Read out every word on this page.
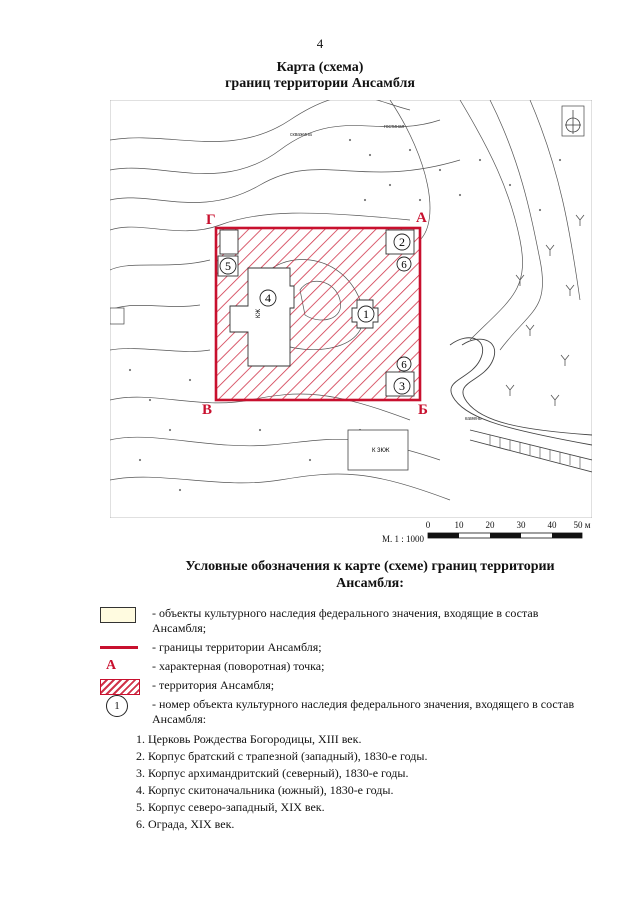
4
Карта (схема)
границ территории Ансамбля
К 3КЖ
КЖ	1
2
3
4
5	6
6
А
Б
В
Г
0	10 20 30 40 50 м
М. 1 : 1000
Условные обозначения к карте (схеме) границ территории Ансамбля:
- объекты культурного наследия федерального значения, входящие в состав Ансамбля;
- границы территории Ансамбля;
А	- характерная (поворотная) точка;
- территория Ансамбля;
1	- номер объекта культурного наследия федерального значения, входящего в состав Ансамбля:
1. Церковь Рождества Богородицы, XIII век.
2. Корпус братский с трапезной (западный), 1830-е годы.
3. Корпус архимандритский (северный), 1830-е годы.
4. Корпус скитоначальника (южный), 1830-е годы.
5. Корпус северо-западный, XIX век.
6. Ограда, XIX век.
скважина
гостиная
камень
